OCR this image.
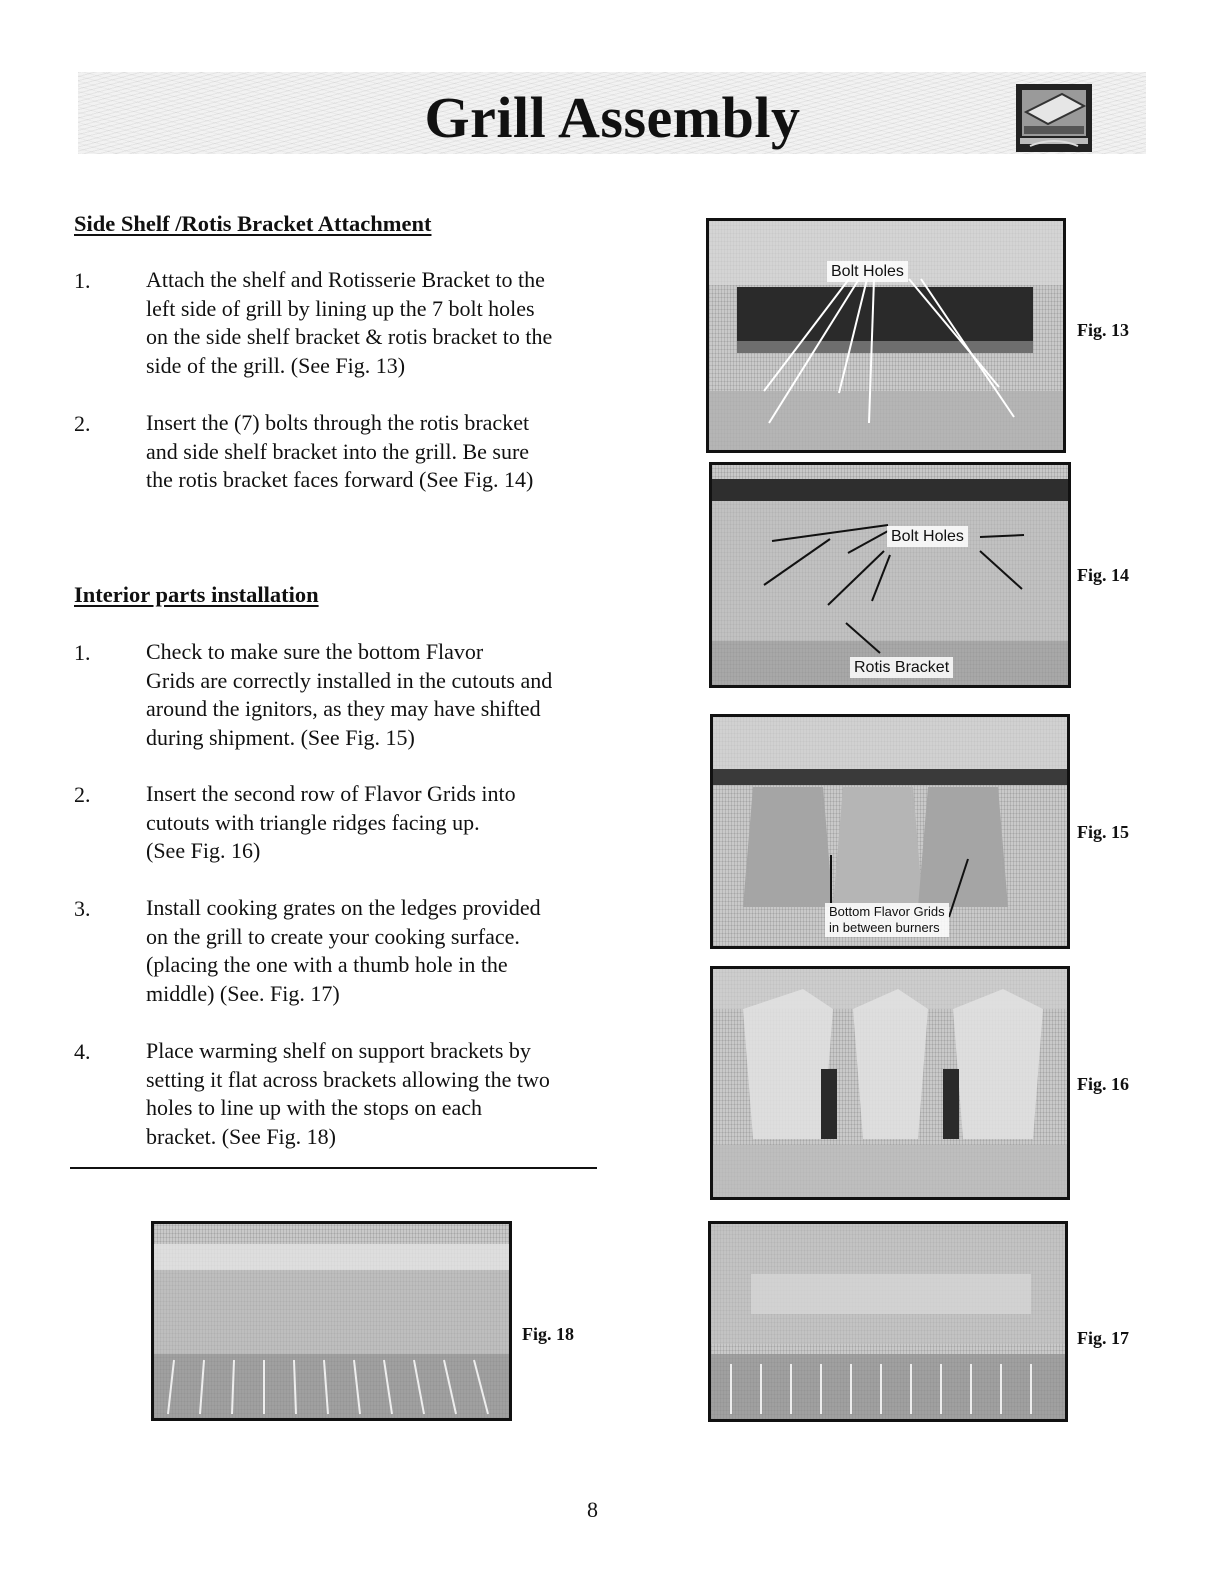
Grill Assembly
Side Shelf /Rotis Bracket Attachment
1.	Attach the shelf and Rotisserie Bracket to the
left side of grill by lining up the 7 bolt holes
on the side shelf bracket & rotis bracket to the
side of the grill. (See Fig. 13)
2.	Insert the (7) bolts through the rotis bracket
and side shelf bracket into the grill. Be sure
the rotis bracket faces forward (See Fig. 14)
Interior parts installation
1.	Check to make sure the bottom Flavor
Grids are correctly installed in the cutouts and
around the ignitors, as they may have shifted
during shipment. (See Fig. 15)
2.	Insert the second row of Flavor Grids into
cutouts with triangle ridges facing up.
(See Fig. 16)
3.	Install cooking grates on the ledges provided
on the grill to create your cooking surface.
(placing the one with a thumb hole in the
middle) (See. Fig. 17)
4.	Place warming shelf on support brackets by
setting it flat across brackets allowing the two
holes to line up with the stops on each
bracket. (See Fig. 18)
Bolt Holes
Fig. 13
Bolt Holes
Rotis Bracket
Fig. 14
Bottom Flavor Grids
in between burners
Fig. 15
Fig. 16
Fig. 17
Fig. 18
8
